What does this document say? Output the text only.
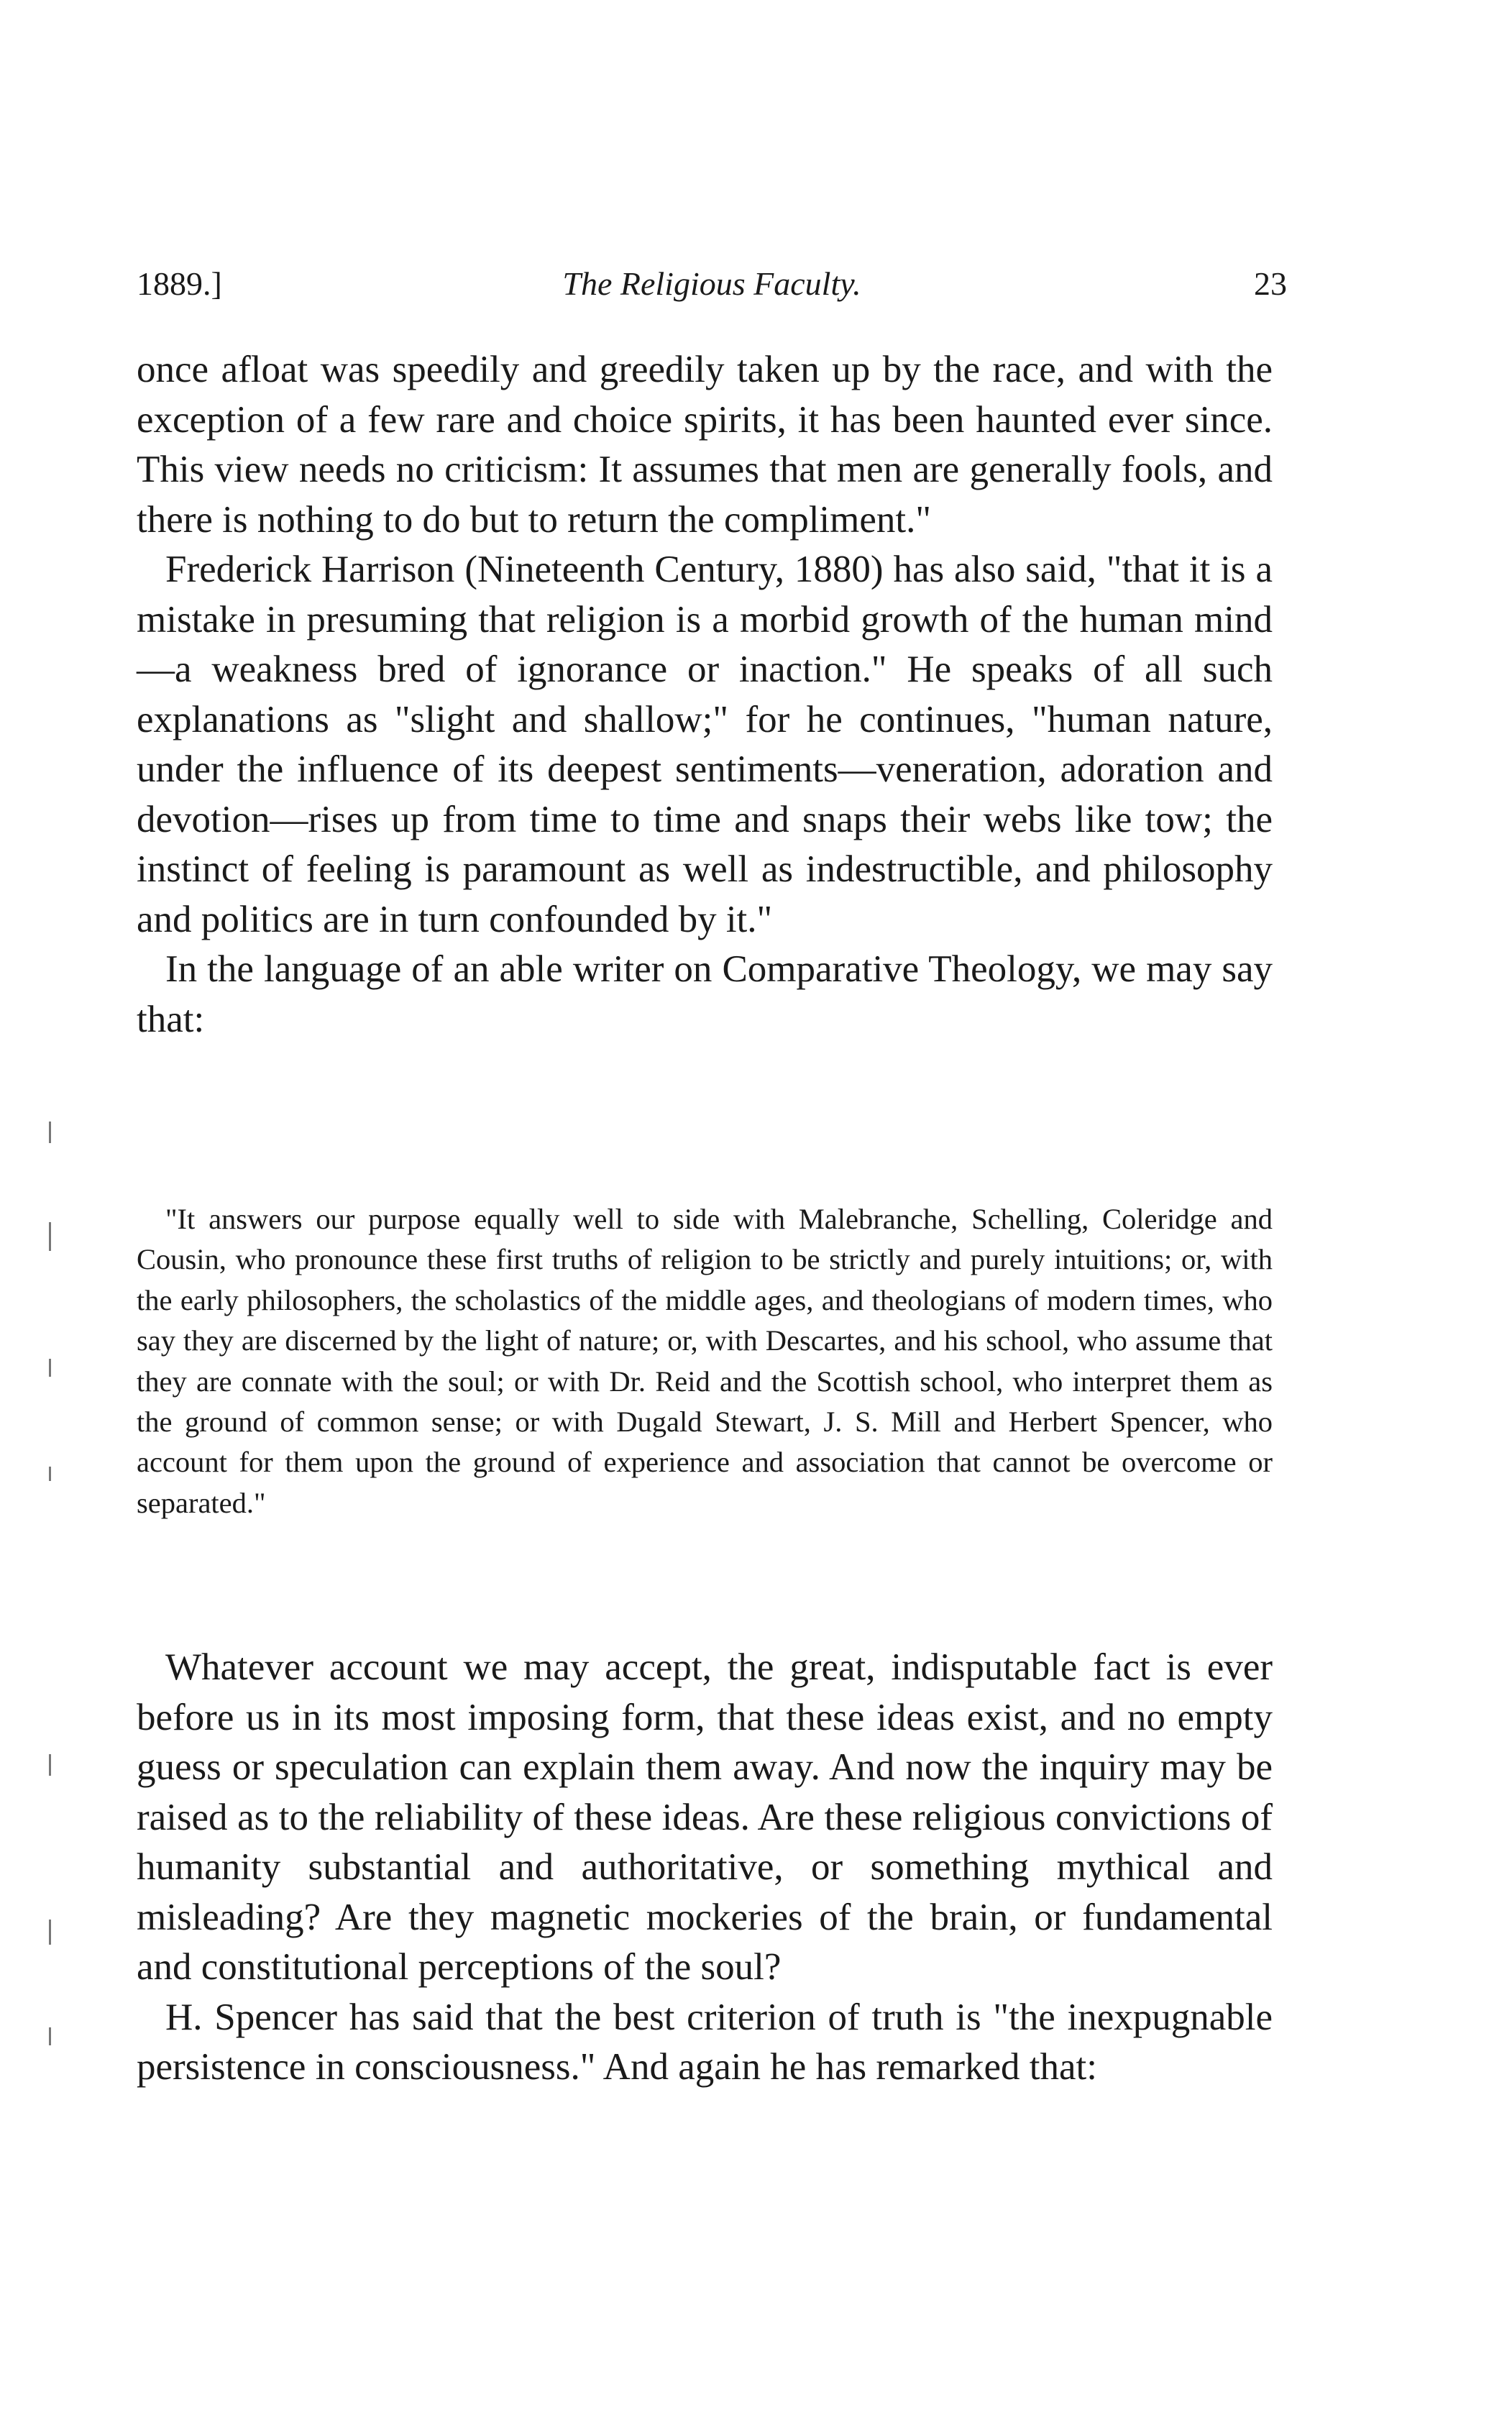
1889.]	The Religious Faculty.	23

once afloat was speedily and greedily taken up by the race, and with the exception of a few rare and choice spirits, it has been haunted ever since. This view needs no criticism: It assumes that men are generally fools, and there is nothing to do but to return the compliment."

Frederick Harrison (Nineteenth Century, 1880) has also said, "that it is a mistake in presuming that religion is a morbid growth of the human mind—a weakness bred of ignorance or inaction." He speaks of all such explanations as "slight and shallow;" for he continues, "human nature, under the influence of its deepest sentiments—veneration, adoration and devotion—rises up from time to time and snaps their webs like tow; the instinct of feeling is paramount as well as indestructible, and philosophy and politics are in turn confounded by it."

In the language of an able writer on Comparative Theology, we may say that:

"It answers our purpose equally well to side with Malebranche, Schelling, Coleridge and Cousin, who pronounce these first truths of religion to be strictly and purely intuitions; or, with the early philosophers, the scholastics of the middle ages, and theologians of modern times, who say they are discerned by the light of nature; or, with Descartes, and his school, who assume that they are connate with the soul; or with Dr. Reid and the Scottish school, who interpret them as the ground of common sense; or with Dugald Stewart, J. S. Mill and Herbert Spencer, who account for them upon the ground of experience and association that cannot be overcome or separated."

Whatever account we may accept, the great, indisputable fact is ever before us in its most imposing form, that these ideas exist, and no empty guess or speculation can explain them away. And now the inquiry may be raised as to the reliability of these ideas. Are these religious convictions of humanity substantial and authoritative, or something mythical and misleading? Are they magnetic mockeries of the brain, or fundamental and constitutional perceptions of the soul?

H. Spencer has said that the best criterion of truth is "the inexpugnable persistence in consciousness." And again he has remarked that:
